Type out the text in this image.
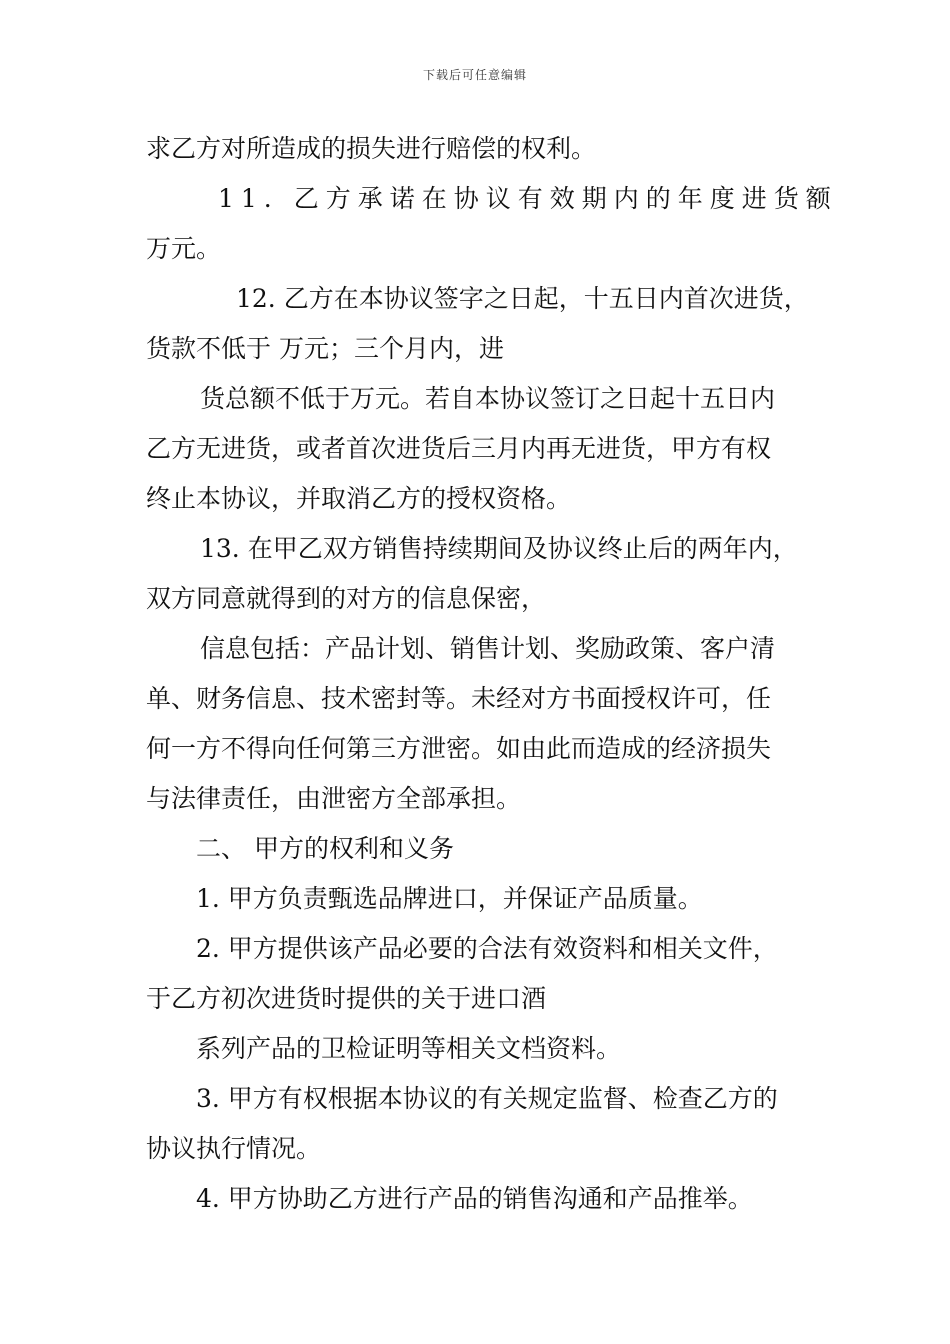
下载后可任意编辑
求乙方对所造成的损失进行赔偿的权利。
11. 乙方承诺在协议有效期内的年度进货额
万元。
12. 乙方在本协议签字之日起，十五日内首次进货，
货款不低于 万元；三个月内，进
货总额不低于万元。若自本协议签订之日起十五日内
乙方无进货，或者首次进货后三月内再无进货，甲方有权
终止本协议，并取消乙方的授权资格。
13. 在甲乙双方销售持续期间及协议终止后的两年内，
双方同意就得到的对方的信息保密，
信息包括：产品计划、销售计划、奖励政策、客户清
单、财务信息、技术密封等。未经对方书面授权许可，任
何一方不得向任何第三方泄密。如由此而造成的经济损失
与法律责任，由泄密方全部承担。
二、 甲方的权利和义务
1. 甲方负责甄选品牌进口，并保证产品质量。
2. 甲方提供该产品必要的合法有效资料和相关文件，
于乙方初次进货时提供的关于进口酒
系列产品的卫检证明等相关文档资料。
3. 甲方有权根据本协议的有关规定监督、检查乙方的
协议执行情况。
4. 甲方协助乙方进行产品的销售沟通和产品推举。
